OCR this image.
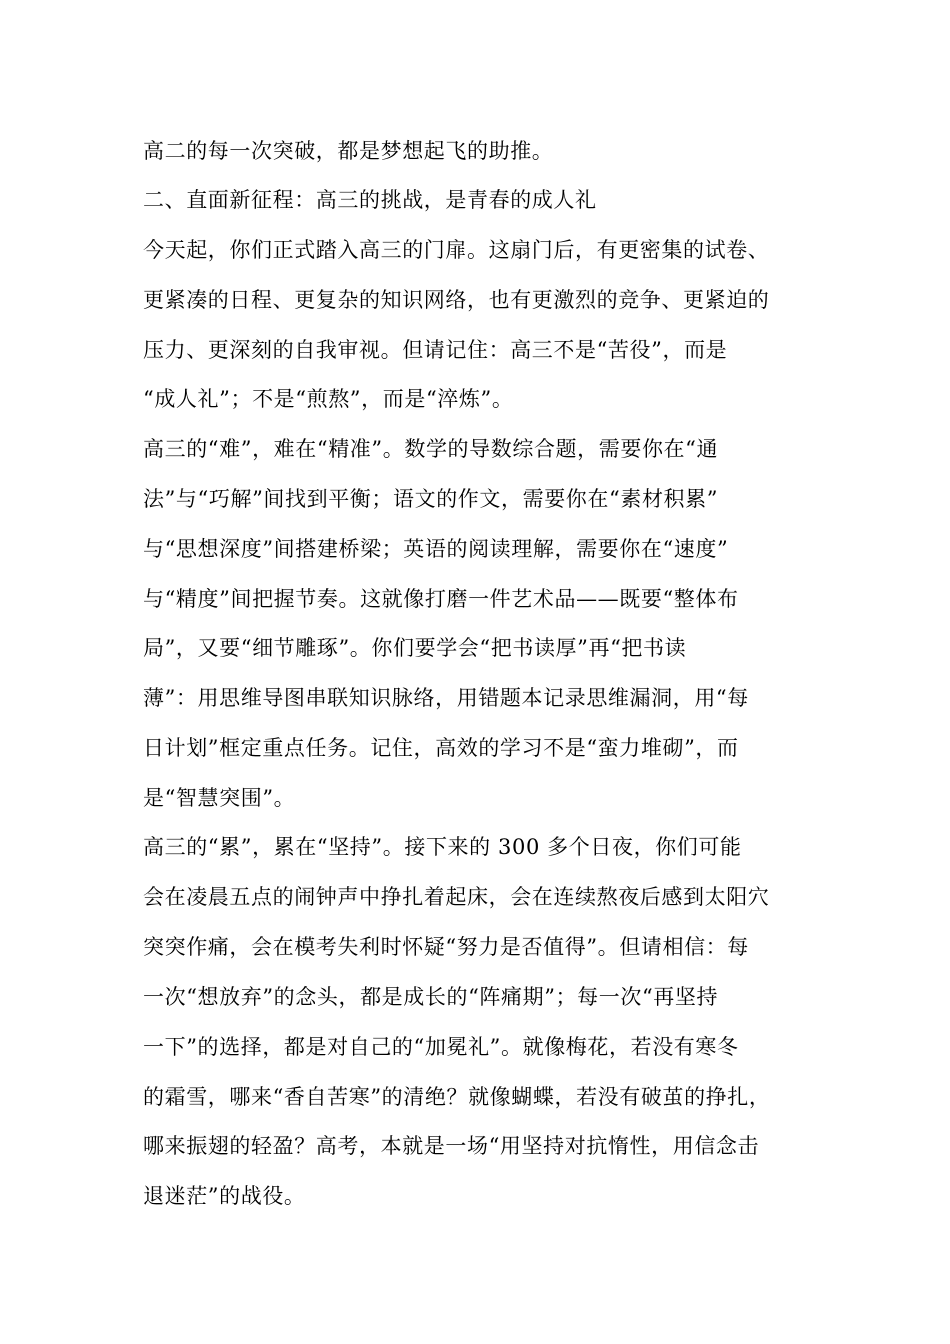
高二的每一次突破，都是梦想起飞的助推。
二、直面新征程：高三的挑战，是青春的成人礼
今天起，你们正式踏入高三的门扉。这扇门后，有更密集的试卷、
更紧凑的日程、更复杂的知识网络，也有更激烈的竞争、更紧迫的
压力、更深刻的自我审视。但请记住：高三不是“苦役”，而是
“成人礼”；不是“煎熬”，而是“淬炼”。
高三的“难”，难在“精准”。数学的导数综合题，需要你在“通
法”与“巧解”间找到平衡；语文的作文，需要你在“素材积累”
与“思想深度”间搭建桥梁；英语的阅读理解，需要你在“速度”
与“精度”间把握节奏。这就像打磨一件艺术品——既要“整体布
局”，又要“细节雕琢”。你们要学会“把书读厚”再“把书读
薄”：用思维导图串联知识脉络，用错题本记录思维漏洞，用“每
日计划”框定重点任务。记住，高效的学习不是“蛮力堆砌”，而
是“智慧突围”。
高三的“累”，累在“坚持”。接下来的 300 多个日夜，你们可能
会在凌晨五点的闹钟声中挣扎着起床，会在连续熬夜后感到太阳穴
突突作痛，会在模考失利时怀疑“努力是否值得”。但请相信：每
一次“想放弃”的念头，都是成长的“阵痛期”；每一次“再坚持
一下”的选择，都是对自己的“加冕礼”。就像梅花，若没有寒冬
的霜雪，哪来“香自苦寒”的清绝？就像蝴蝶，若没有破茧的挣扎，
哪来振翅的轻盈？高考，本就是一场“用坚持对抗惰性，用信念击
退迷茫”的战役。
